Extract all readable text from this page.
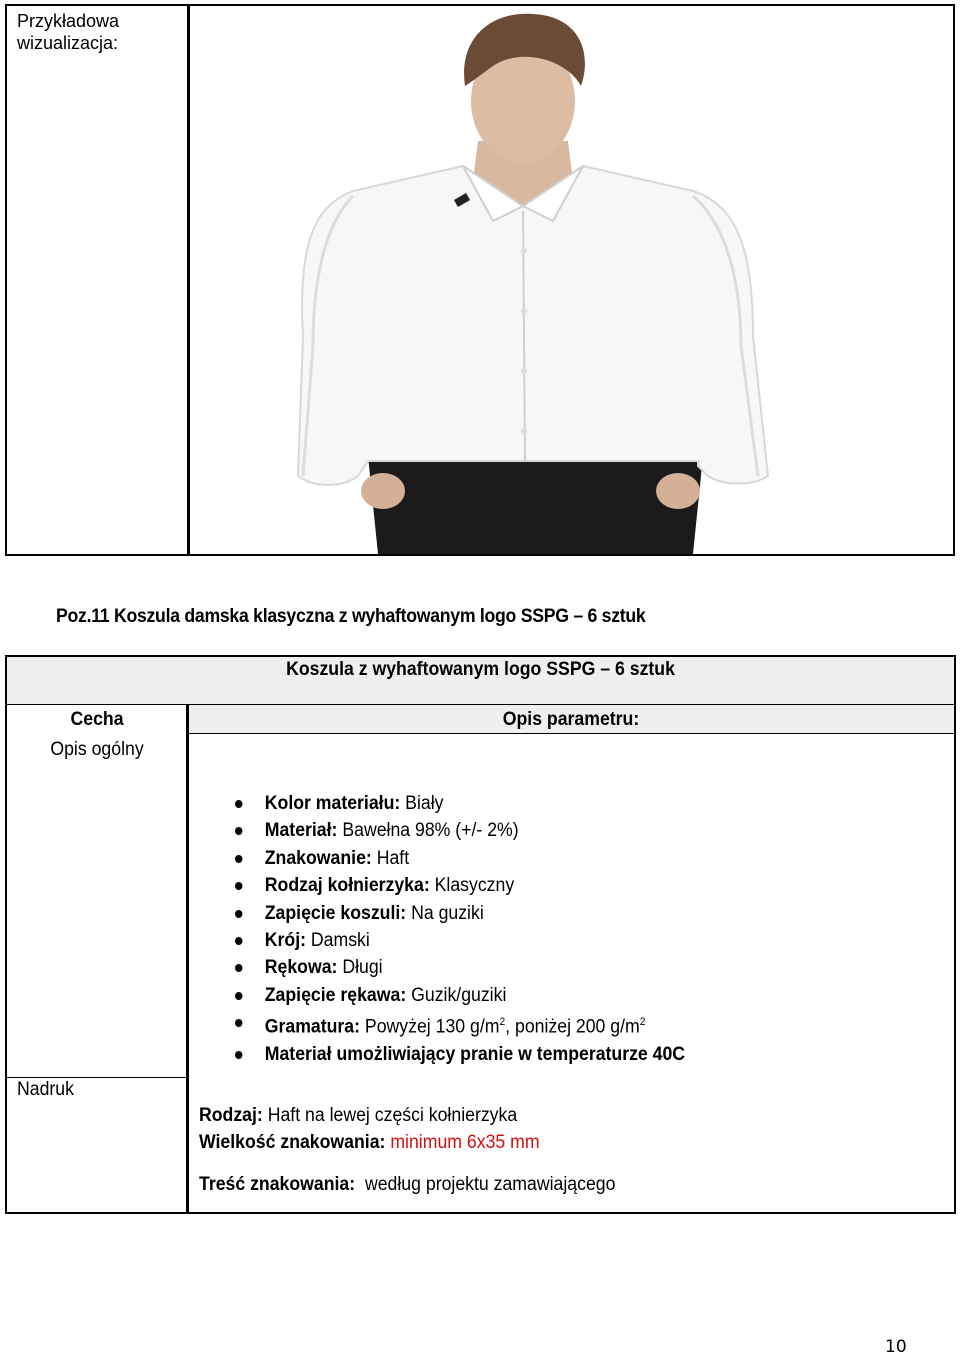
Przykładowa wizualizacja:
Poz.11 Koszula damska klasyczna z wyhaftowanym logo SSPG – 6 sztuk
Koszula z wyhaftowanym logo SSPG – 6 sztuk
Cecha
Opis ogólny
Opis parametru:
Nadruk
Kolor materiału: Biały
Materiał: Bawełna 98% (+/- 2%)
Znakowanie: Haft
Rodzaj kołnierzyka: Klasyczny
Zapięcie koszuli: Na guziki
Krój: Damski
Rękowa: Długi
Zapięcie rękawa: Guzik/guziki
Gramatura: Powyżej 130 $g/m^2$, poniżej 200 $g/m^2$
Materiał umożliwiający pranie w temperaturze 40C
Rodzaj: Haft na lewej części kołnierzyka
Wielkość znakowania: minimum 6x35 mm
Treść znakowania:  według projektu zamawiającego
10
